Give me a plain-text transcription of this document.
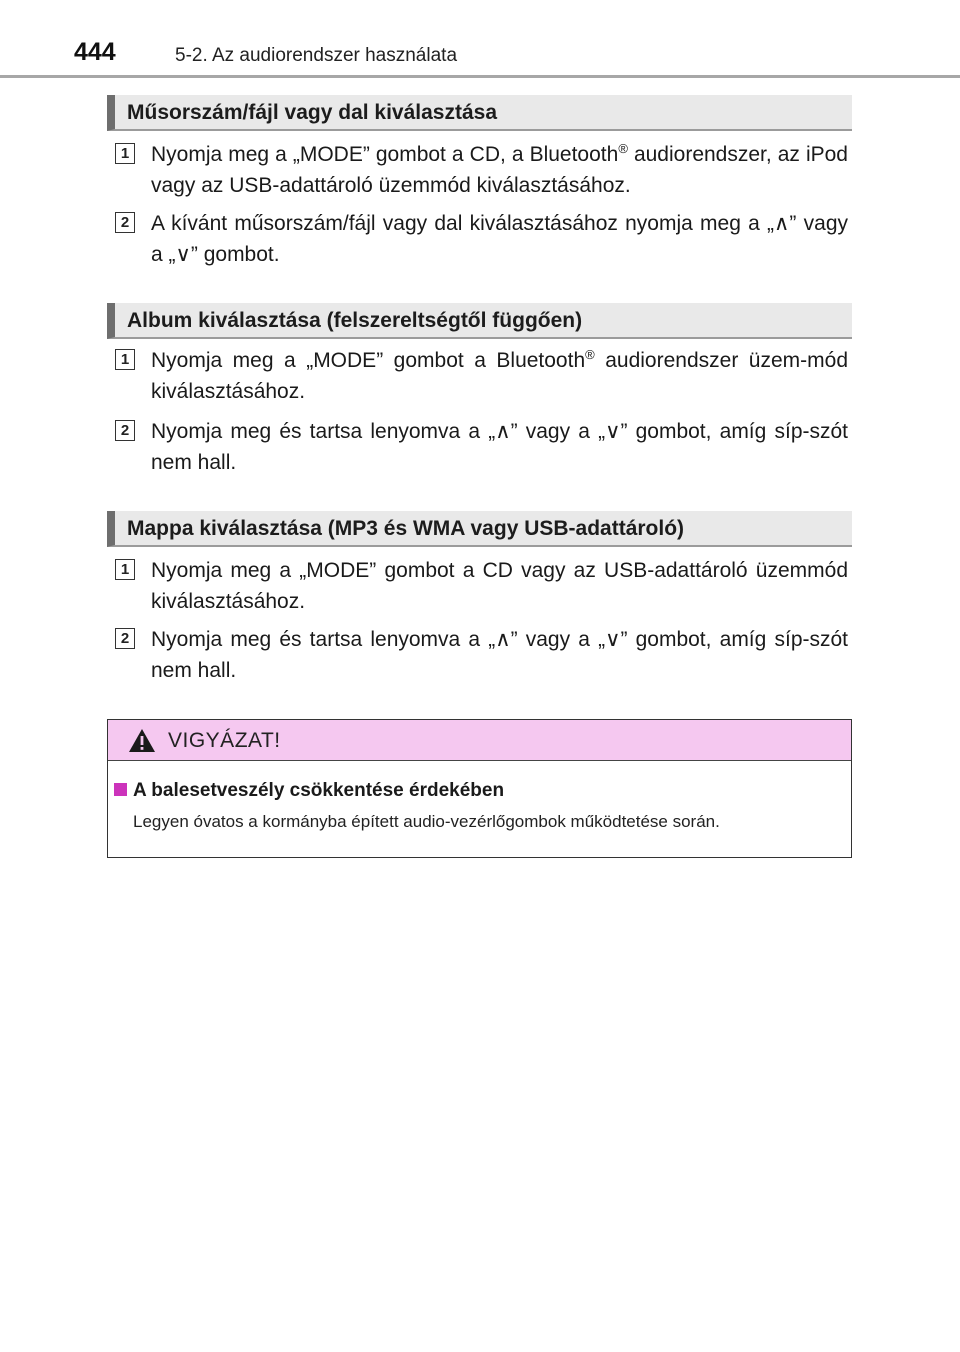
444	5-2. Az audiorendszer használata
Műsorszám/fájl vagy dal kiválasztása
1 Nyomja meg a „MODE” gombot a CD, a Bluetooth® audiorendszer, az iPod vagy az USB-adattároló üzemmód kiválasztásához.
2 A kívánt műsorszám/fájl vagy dal kiválasztásához nyomja meg a „∧” vagy a „∨” gombot.
Album kiválasztása (felszereltségtől függően)
1 Nyomja meg a „MODE” gombot a Bluetooth® audiorendszer üzem-mód kiválasztásához.
2 Nyomja meg és tartsa lenyomva a „∧” vagy a „∨” gombot, amíg síp-szót nem hall.
Mappa kiválasztása (MP3 és WMA vagy USB-adattároló)
1 Nyomja meg a „MODE” gombot a CD vagy az USB-adattároló üzemmód kiválasztásához.
2 Nyomja meg és tartsa lenyomva a „∧” vagy a „∨” gombot, amíg síp-szót nem hall.
VIGYÁZAT!
A balesetveszély csökkentése érdekében
Legyen óvatos a kormányba épített audio-vezérlőgombok működtetése során.
